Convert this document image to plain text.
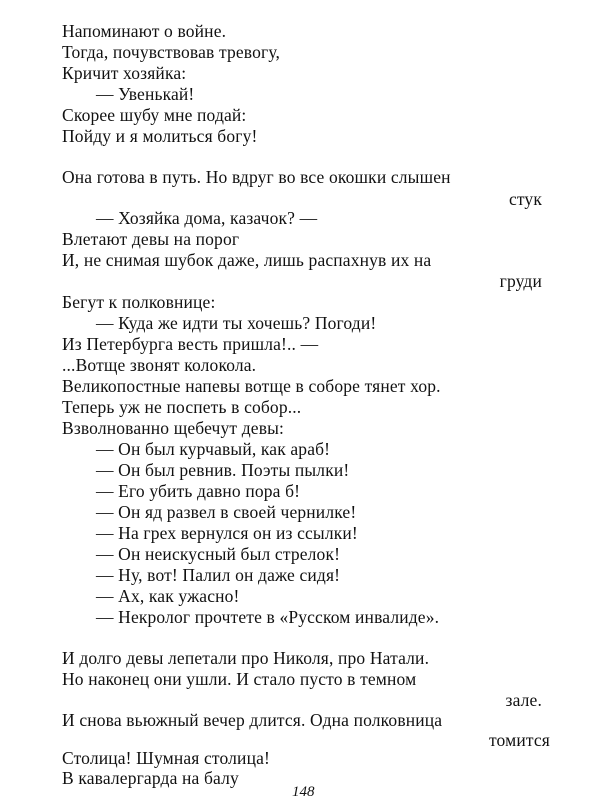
Напоминают о войне.
Тогда, почувствовав тревогу,
Кричит хозяйка:
— Увенькай!
Скорее шубу мне подай:
Пойду и я молиться богу!
Она готова в путь. Но вдруг во все окошки слышен
стук
— Хозяйка дома, казачок? —
Влетают девы на порог
И, не снимая шубок даже, лишь распахнув их на
груди
Бегут к полковнице:
— Куда же идти ты хочешь? Погоди!
Из Петербурга весть пришла!.. —
...Вотще звонят колокола.
Великопостные напевы вотще в соборе тянет хор.
Теперь уж не поспеть в собор...
Взволнованно щебечут девы:
— Он был курчавый, как араб!
— Он был ревнив. Поэты пылки!
— Его убить давно пора б!
— Он яд развел в своей чернилке!
— На грех вернулся он из ссылки!
— Он неискусный был стрелок!
— Ну, вот! Палил он даже сидя!
— Ах, как ужасно!
— Некролог прочтете в «Русском инвалиде».
И долго девы лепетали про Николя, про Натали.
Но наконец они ушли. И стало пусто в темном
зале.
И снова вьюжный вечер длится. Одна полковница
томится
Столица! Шумная столица!
В кавалергарда на балу
148
